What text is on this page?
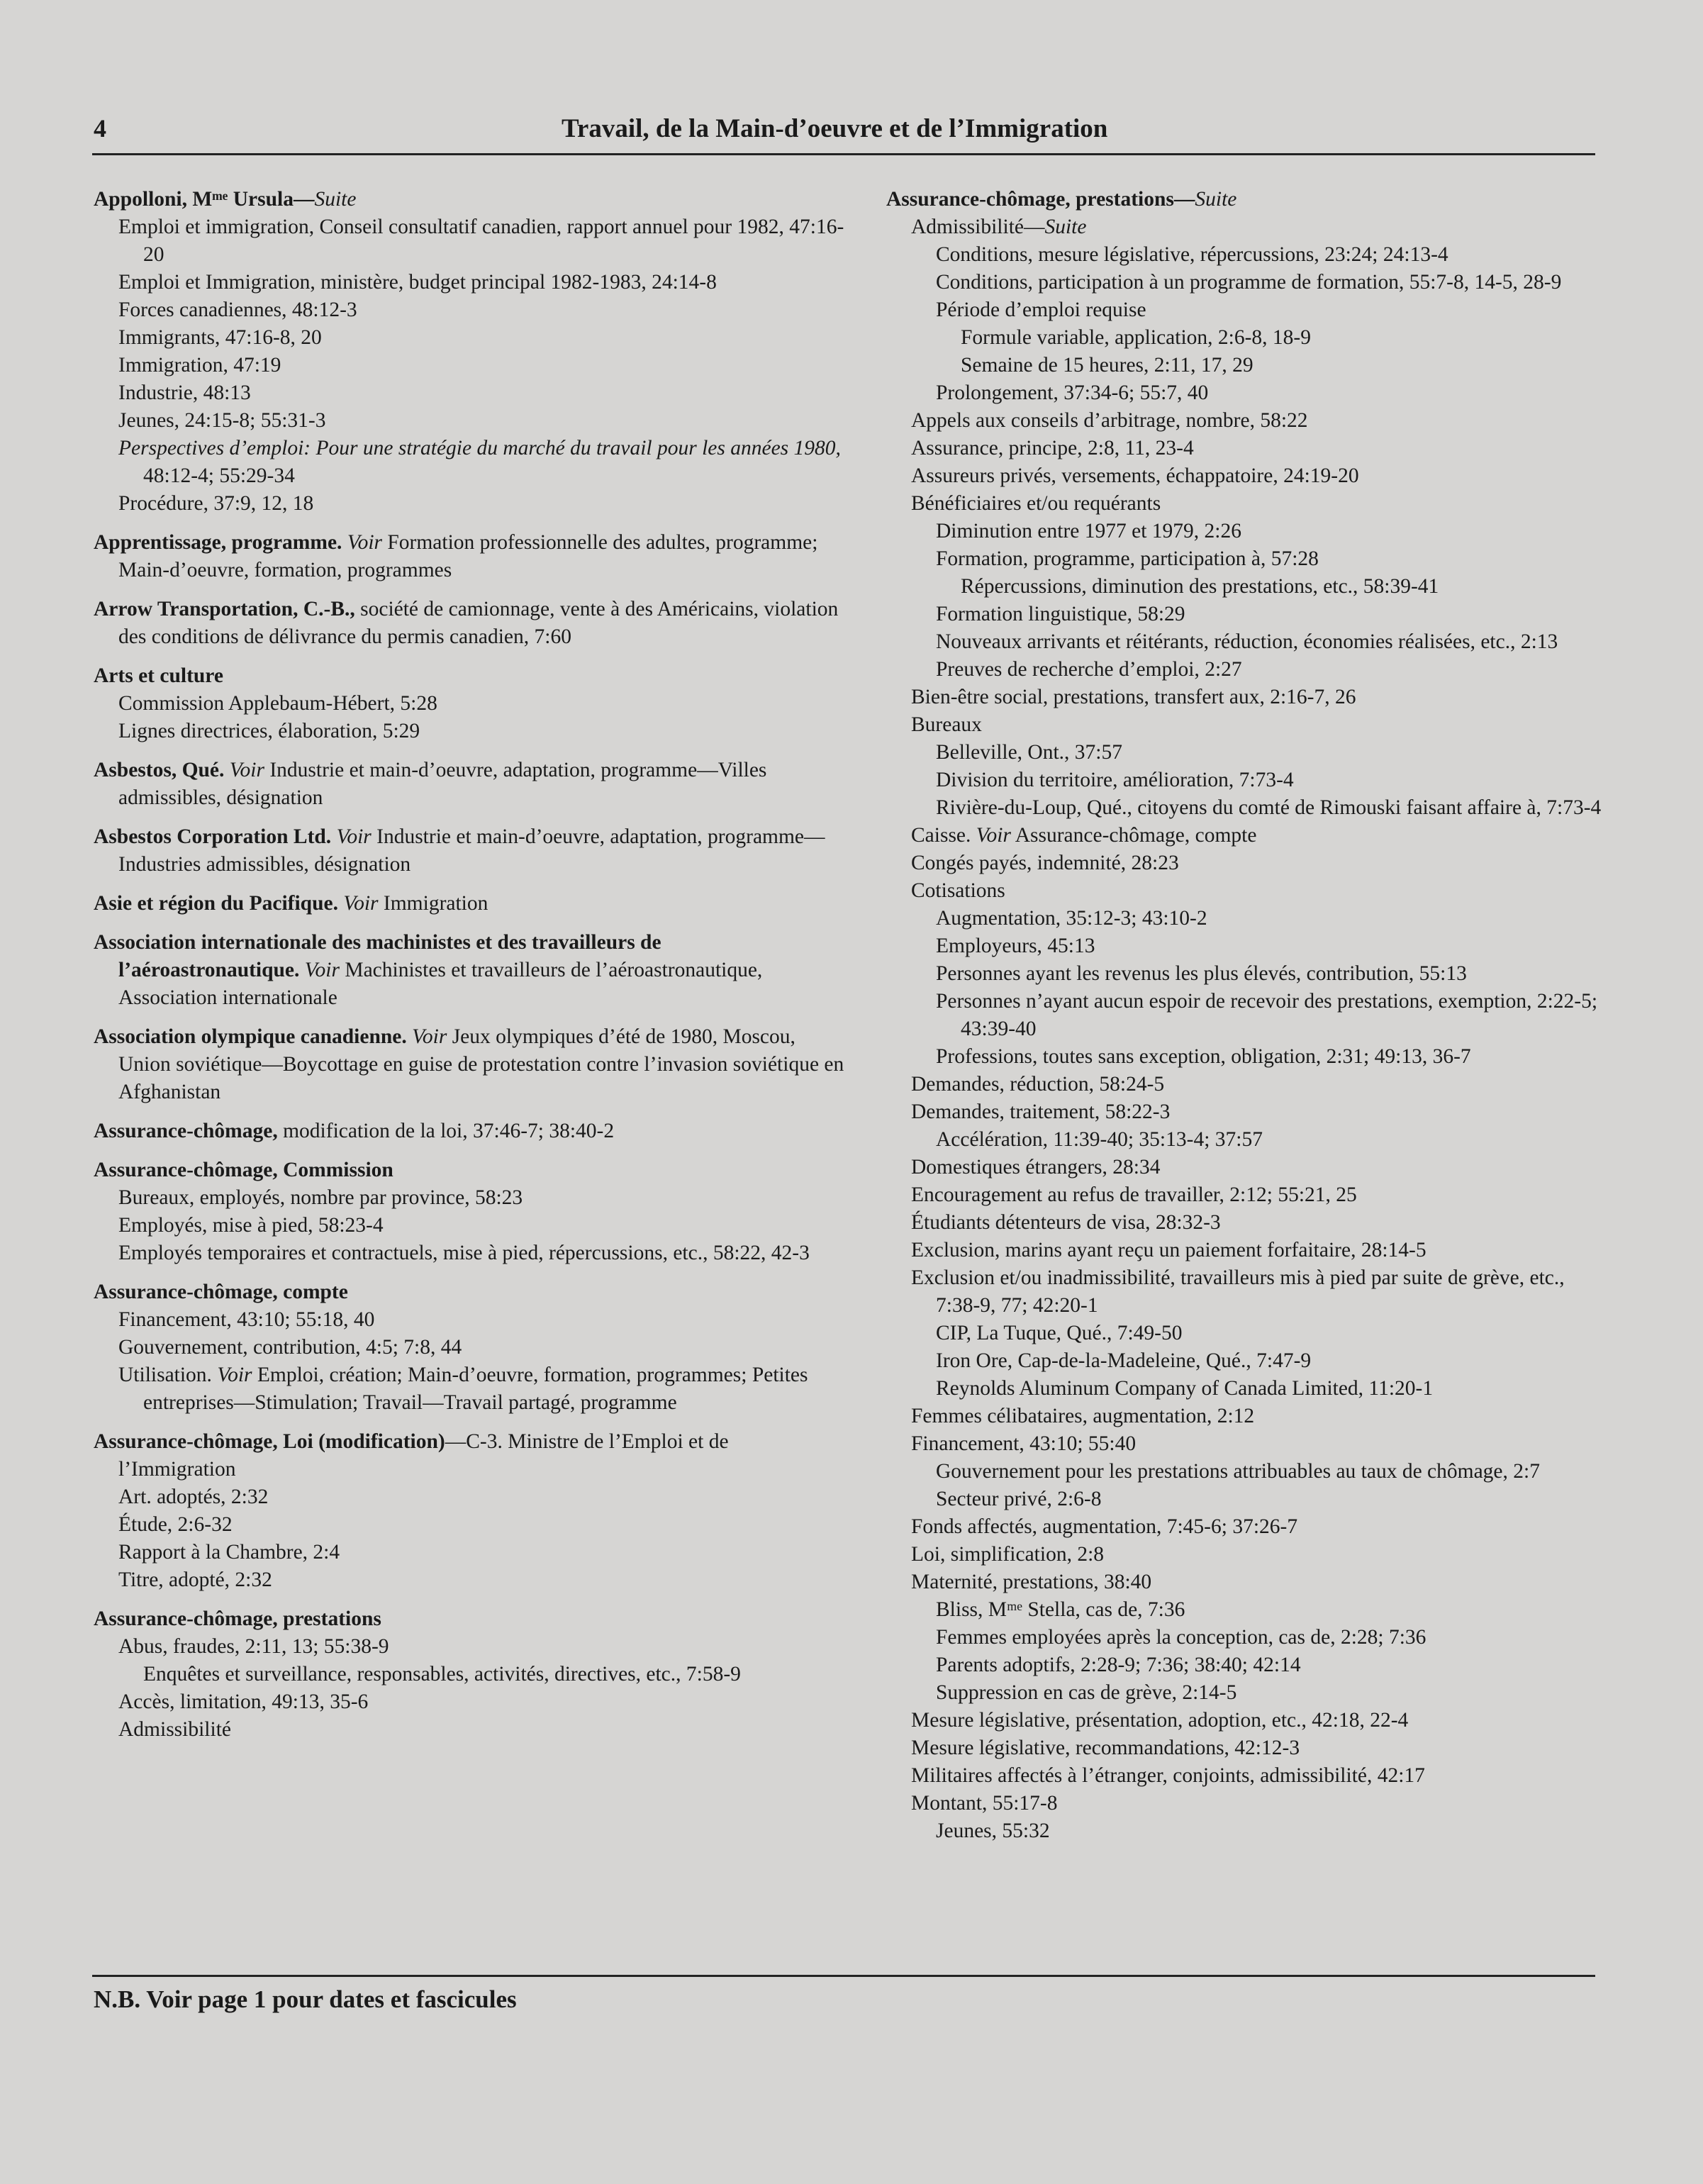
4	Travail, de la Main-d’oeuvre et de l’Immigration
Appolloni, Mᵐᵉ Ursula—Suite
Emploi et immigration, Conseil consultatif canadien, rapport annuel pour 1982, 47:16-20
Emploi et Immigration, ministère, budget principal 1982-1983, 24:14-8
Forces canadiennes, 48:12-3
Immigrants, 47:16-8, 20
Immigration, 47:19
Industrie, 48:13
Jeunes, 24:15-8; 55:31-3
Perspectives d’emploi: Pour une stratégie du marché du travail pour les années 1980, 48:12-4; 55:29-34
Procédure, 37:9, 12, 18
Apprentissage, programme. Voir Formation professionnelle des adultes, programme; Main-d’oeuvre, formation, programmes
Arrow Transportation, C.-B., société de camionnage, vente à des Américains, violation des conditions de délivrance du permis canadien, 7:60
Arts et culture
Commission Applebaum-Hébert, 5:28
Lignes directrices, élaboration, 5:29
Asbestos, Qué. Voir Industrie et main-d’oeuvre, adaptation, programme—Villes admissibles, désignation
Asbestos Corporation Ltd. Voir Industrie et main-d’oeuvre, adaptation, programme—Industries admissibles, désignation
Asie et région du Pacifique. Voir Immigration
Association internationale des machinistes et des travailleurs de l’aéroastronautique. Voir Machinistes et travailleurs de l’aéroastronautique, Association internationale
Association olympique canadienne. Voir Jeux olympiques d’été de 1980, Moscou, Union soviétique—Boycottage en guise de protestation contre l’invasion soviétique en Afghanistan
Assurance-chômage, modification de la loi, 37:46-7; 38:40-2
Assurance-chômage, Commission
Bureaux, employés, nombre par province, 58:23
Employés, mise à pied, 58:23-4
Employés temporaires et contractuels, mise à pied, répercussions, etc., 58:22, 42-3
Assurance-chômage, compte
Financement, 43:10; 55:18, 40
Gouvernement, contribution, 4:5; 7:8, 44
Utilisation. Voir Emploi, création; Main-d’oeuvre, formation, programmes; Petites entreprises—Stimulation; Travail—Travail partagé, programme
Assurance-chômage, Loi (modification)—C-3. Ministre de l’Emploi et de l’Immigration
Art. adoptés, 2:32
Étude, 2:6-32
Rapport à la Chambre, 2:4
Titre, adopté, 2:32
Assurance-chômage, prestations
Abus, fraudes, 2:11, 13; 55:38-9
Enquêtes et surveillance, responsables, activités, directives, etc., 7:58-9
Accès, limitation, 49:13, 35-6
Admissibilité
Assurance-chômage, prestations—Suite
Admissibilité—Suite
Conditions, mesure législative, répercussions, 23:24; 24:13-4
Conditions, participation à un programme de formation, 55:7-8, 14-5, 28-9
Période d’emploi requise
Formule variable, application, 2:6-8, 18-9
Semaine de 15 heures, 2:11, 17, 29
Prolongement, 37:34-6; 55:7, 40
Appels aux conseils d’arbitrage, nombre, 58:22
Assurance, principe, 2:8, 11, 23-4
Assureurs privés, versements, échappatoire, 24:19-20
Bénéficiaires et/ou requérants
Diminution entre 1977 et 1979, 2:26
Formation, programme, participation à, 57:28
Répercussions, diminution des prestations, etc., 58:39-41
Formation linguistique, 58:29
Nouveaux arrivants et réitérants, réduction, économies réalisées, etc., 2:13
Preuves de recherche d’emploi, 2:27
Bien-être social, prestations, transfert aux, 2:16-7, 26
Bureaux
Belleville, Ont., 37:57
Division du territoire, amélioration, 7:73-4
Rivière-du-Loup, Qué., citoyens du comté de Rimouski faisant affaire à, 7:73-4
Caisse. Voir Assurance-chômage, compte
Congés payés, indemnité, 28:23
Cotisations
Augmentation, 35:12-3; 43:10-2
Employeurs, 45:13
Personnes ayant les revenus les plus élevés, contribution, 55:13
Personnes n’ayant aucun espoir de recevoir des prestations, exemption, 2:22-5; 43:39-40
Professions, toutes sans exception, obligation, 2:31; 49:13, 36-7
Demandes, réduction, 58:24-5
Demandes, traitement, 58:22-3
Accélération, 11:39-40; 35:13-4; 37:57
Domestiques étrangers, 28:34
Encouragement au refus de travailler, 2:12; 55:21, 25
Étudiants détenteurs de visa, 28:32-3
Exclusion, marins ayant reçu un paiement forfaitaire, 28:14-5
Exclusion et/ou inadmissibilité, travailleurs mis à pied par suite de grève, etc., 7:38-9, 77; 42:20-1
CIP, La Tuque, Qué., 7:49-50
Iron Ore, Cap-de-la-Madeleine, Qué., 7:47-9
Reynolds Aluminum Company of Canada Limited, 11:20-1
Femmes célibataires, augmentation, 2:12
Financement, 43:10; 55:40
Gouvernement pour les prestations attribuables au taux de chômage, 2:7
Secteur privé, 2:6-8
Fonds affectés, augmentation, 7:45-6; 37:26-7
Loi, simplification, 2:8
Maternité, prestations, 38:40
Bliss, Mᵐᵉ Stella, cas de, 7:36
Femmes employées après la conception, cas de, 2:28; 7:36
Parents adoptifs, 2:28-9; 7:36; 38:40; 42:14
Suppression en cas de grève, 2:14-5
Mesure législative, présentation, adoption, etc., 42:18, 22-4
Mesure législative, recommandations, 42:12-3
Militaires affectés à l’étranger, conjoints, admissibilité, 42:17
Montant, 55:17-8
Jeunes, 55:32
N.B. Voir page 1 pour dates et fascicules
